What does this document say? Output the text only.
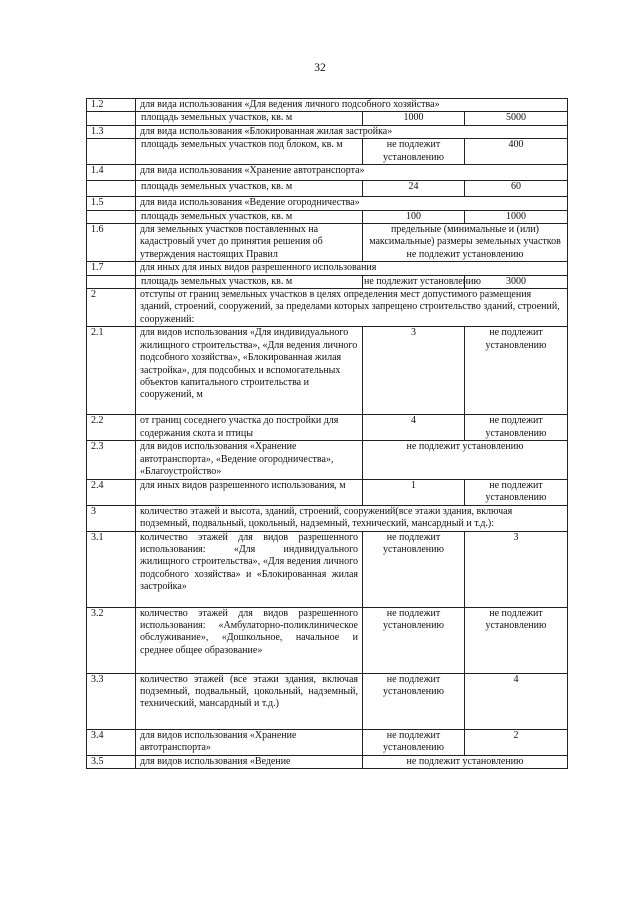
32
1.2	для вида использования «Для ведения личного подсобного хозяйства»		
	площадь земельных участков, кв. м	1000	5000
1.3	для вида использования «Блокированная жилая застройка»		
	площадь земельных участков под блоком, кв. м	не подлежит установлению	400
1.4	для вида использования «Хранение автотранспорта»		
	площадь земельных участков, кв. м	24	60
1.5	для вида использования «Ведение огородничества»		
	площадь земельных участков, кв. м	100	1000
1.6	для земельных участков поставленных на кадастровый учет до принятия решения об утверждения настоящих Правил	предельные (минимальные и (или) максимальные) размеры земельных участков не подлежит установлению	
1.7	для иных для иных видов разрешенного использования		
	площадь земельных участков, кв. м	не подлежит установлению	3000
2	отступы от границ земельных участков в целях определения мест допустимого размещения зданий, строений, сооружений, за пределами которых запрещено строительство зданий, строений, сооружений:		
2.1	для видов использования «Для индивидуального жилищного строительства», «Для ведения личного подсобного хозяйства», «Блокированная жилая застройка», для подсобных и вспомогательных объектов капитального строительства и сооружений, м	3	не подлежит установлению
2.2	от границ соседнего участка до постройки для содержания скота и птицы	4	не подлежит установлению
2.3	для видов использования «Хранение автотранспорта», «Ведение огородничества», «Благоустройство»	не подлежит установлению	
2.4	для иных видов разрешенного использования, м	1	не подлежит установлению
3	количество этажей и высота, зданий, строений, сооружений(все этажи здания, включая подземный, подвальный, цокольный, надземный, технический, мансардный и т.д.):		
3.1	количество этажей для видов разрешенного использования: «Для индивидуального жилищного строительства», «Для ведения личного подсобного хозяйства» и «Блокированная жилая застройка»	не подлежит установлению	3
3.2	количество этажей для видов разрешенного использования: «Амбулаторно-поликлиническое обслуживание», «Дошкольное, начальное и среднее общее образование»	не подлежит установлению	не подлежит установлению
3.3	количество этажей (все этажи здания, включая подземный, подвальный, цокольный, надземный, технический, мансардный и т.д.)	не подлежит установлению	4
3.4	для видов использования «Хранение автотранспорта»	не подлежит установлению	2
3.5	для видов использования «Ведение	не подлежит установлению	
